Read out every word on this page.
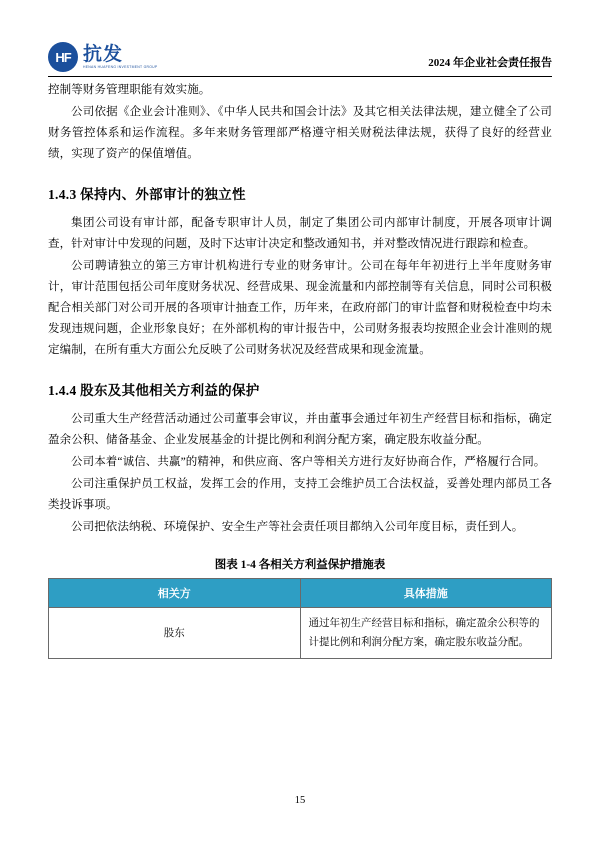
HF 抗发
HENAN HUAFENG INVESTMENT GROUP	2024 年企业社会责任报告

控制等财务管理职能有效实施。

公司依据《企业会计准则》、《中华人民共和国会计法》及其它相关法律法规，建立健全了公司财务管控体系和运作流程。多年来财务管理部严格遵守相关财税法律法规，获得了良好的经营业绩，实现了资产的保值增值。

1.4.3 保持内、外部审计的独立性

集团公司设有审计部，配备专职审计人员，制定了集团公司内部审计制度，开展各项审计调查，针对审计中发现的问题，及时下达审计决定和整改通知书，并对整改情况进行跟踪和检查。

公司聘请独立的第三方审计机构进行专业的财务审计。公司在每年年初进行上半年度财务审计，审计范围包括公司年度财务状况、经营成果、现金流量和内部控制等有关信息，同时公司积极配合相关部门对公司开展的各项审计抽查工作，历年来，在政府部门的审计监督和财税检查中均未发现违规问题，企业形象良好；在外部机构的审计报告中，公司财务报表均按照企业会计准则的规定编制，在所有重大方面公允反映了公司财务状况及经营成果和现金流量。

1.4.4 股东及其他相关方利益的保护

公司重大生产经营活动通过公司董事会审议，并由董事会通过年初生产经营目标和指标，确定盈余公积、储备基金、企业发展基金的计提比例和利润分配方案，确定股东收益分配。

公司本着“诚信、共赢”的精神，和供应商、客户等相关方进行友好协商合作，严格履行合同。

公司注重保护员工权益，发挥工会的作用，支持工会维护员工合法权益，妥善处理内部员工各类投诉事项。

公司把依法纳税、环境保护、安全生产等社会责任项目都纳入公司年度目标，责任到人。

图表 1-4 各相关方利益保护措施表
相关方	具体措施
股东	通过年初生产经营目标和指标，确定盈余公积等的计提比例和利润分配方案，确定股东收益分配。
15
